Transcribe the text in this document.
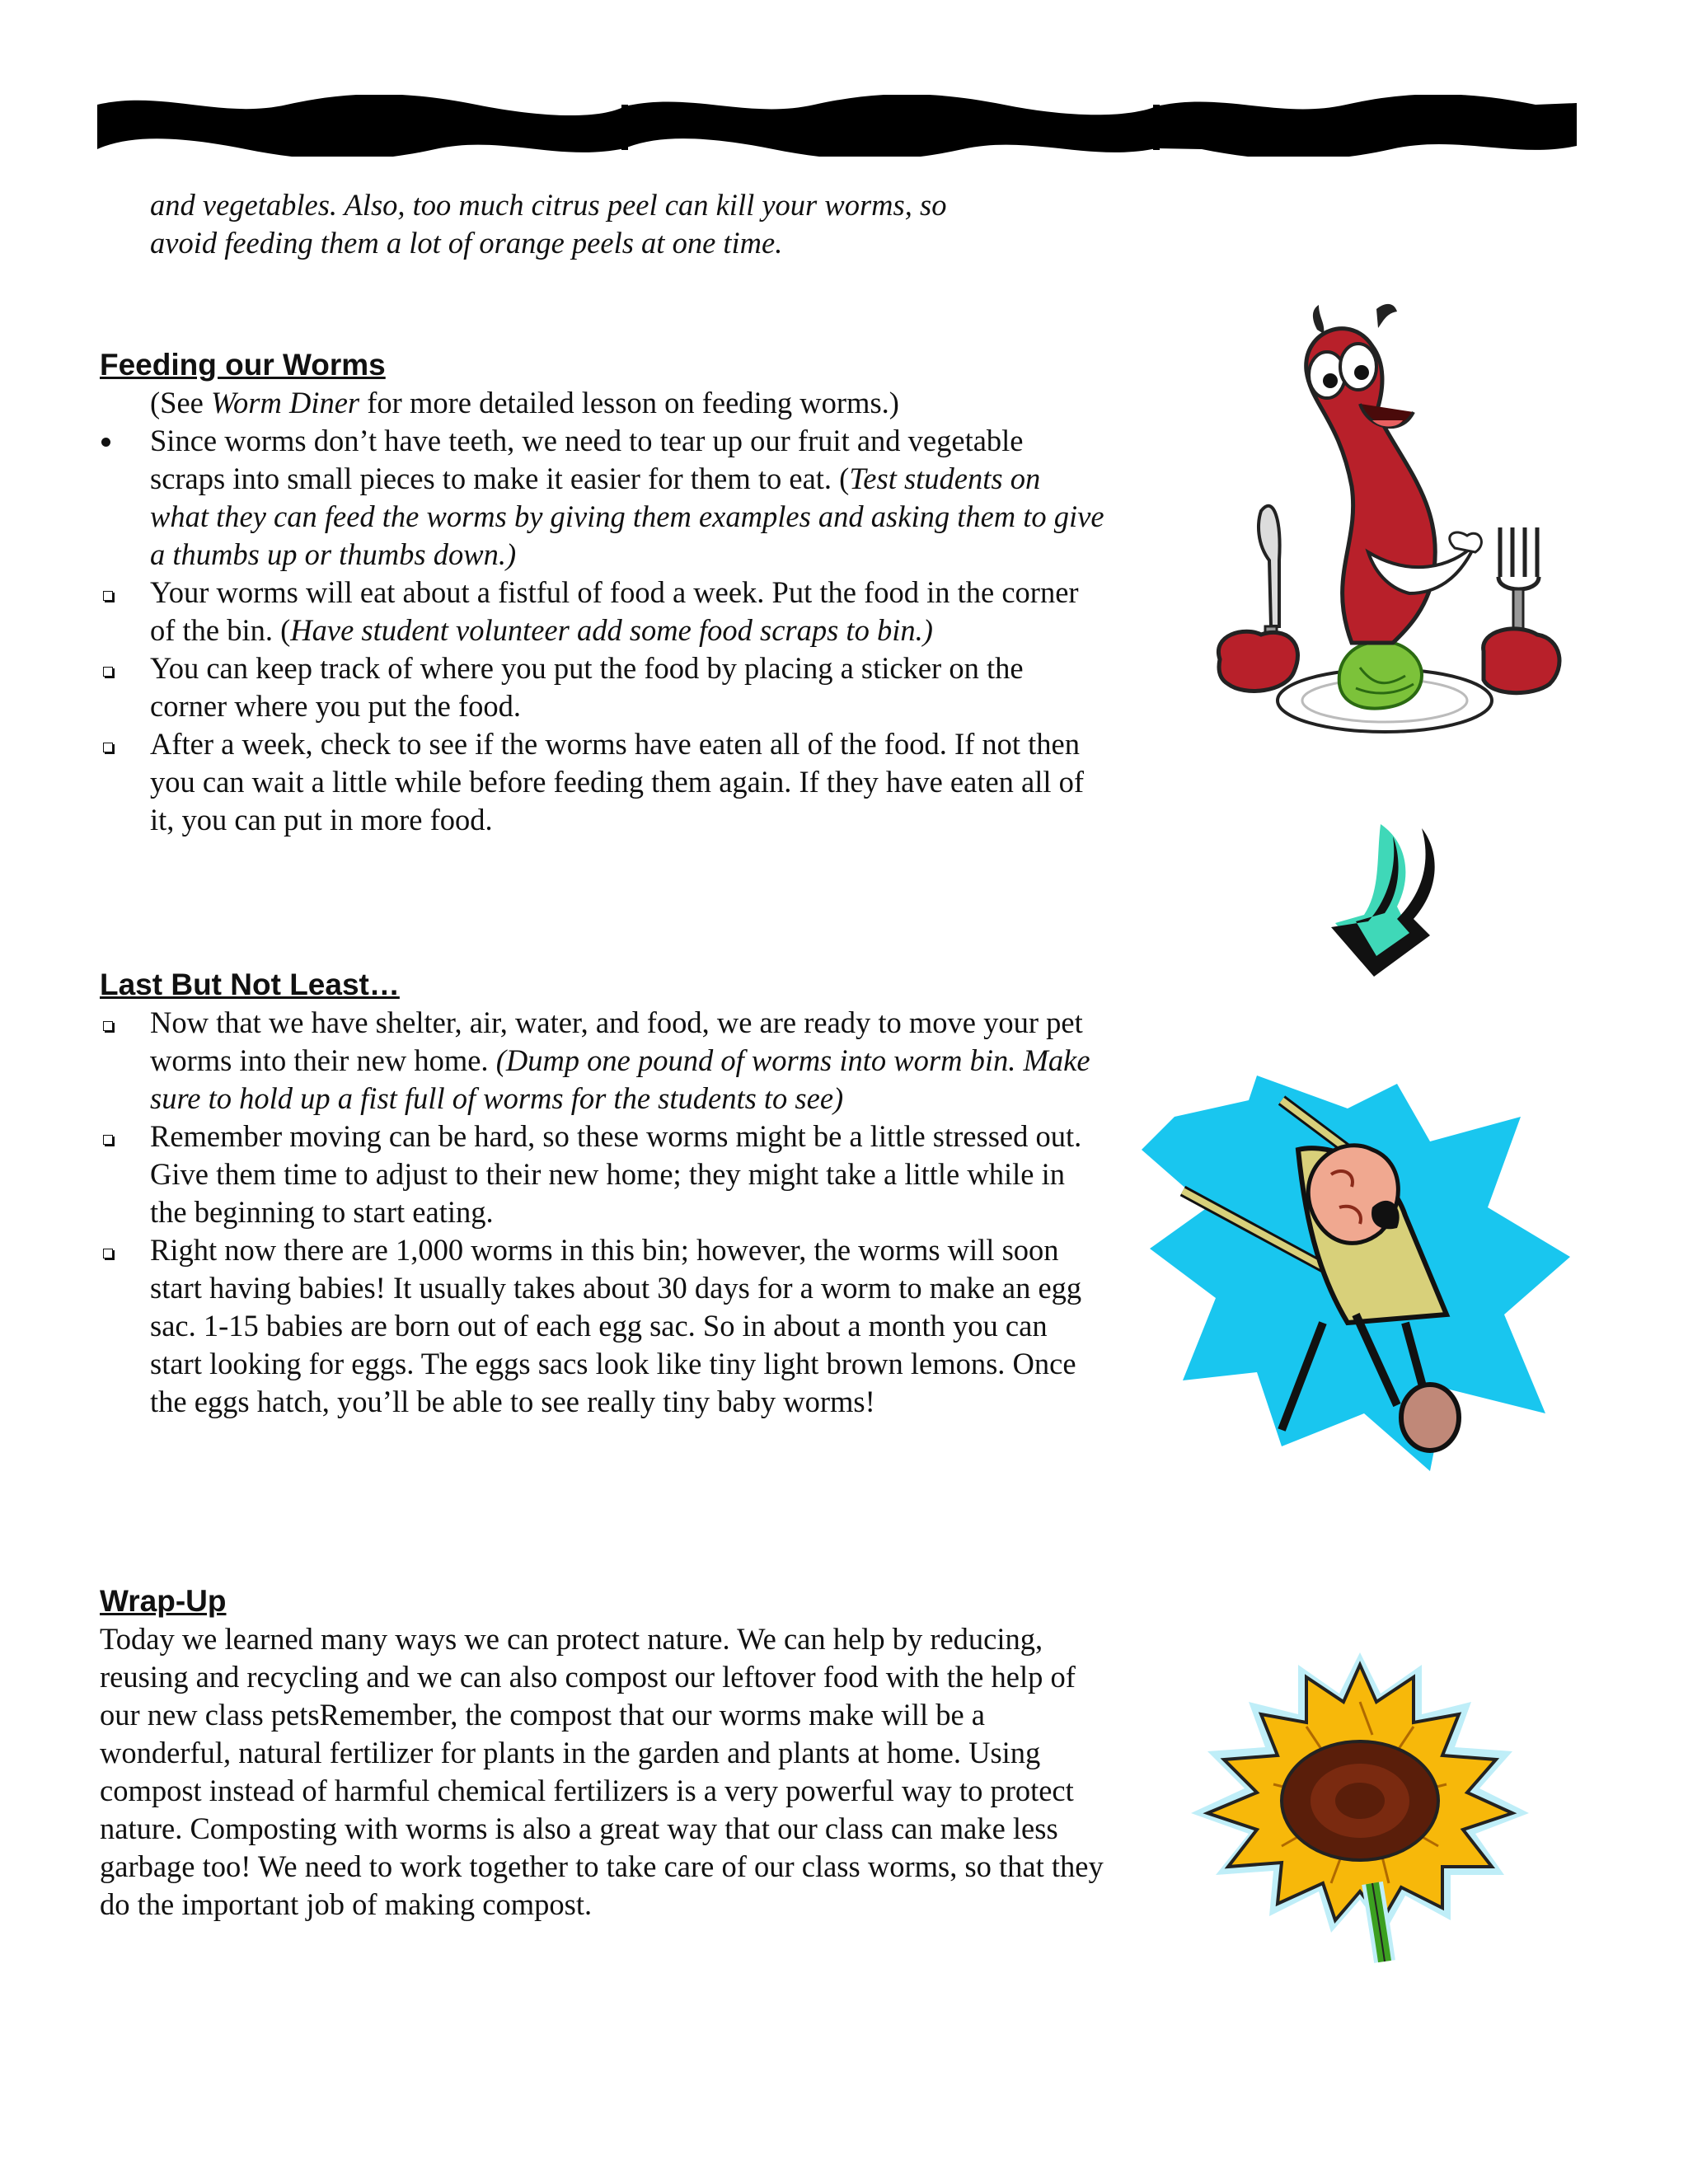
and vegetables. Also, too much citrus peel can kill your worms, so

avoid feeding them a lot of orange peels at one time.

Feeding our Worms

(See Worm Diner for more detailed lesson on feeding worms.)

Since worms don’t have teeth, we need to tear up our fruit and vegetable scraps into small pieces to make it easier for them to eat. (Test students on what they can feed the worms by giving them examples and asking them to give a thumbs up or thumbs down.)

Your worms will eat about a fistful of food a week. Put the food in the corner of the bin. (Have student volunteer add some food scraps to bin.)

You can keep track of where you put the food by placing a sticker on the corner where you put the food.

After a week, check to see if the worms have eaten all of the food. If not then you can wait a little while before feeding them again. If they have eaten all of it, you can put in more food.

Last But Not Least…

Now that we have shelter, air, water, and food, we are ready to move your pet worms into their new home. (Dump one pound of worms into worm bin. Make sure to hold up a fist full of worms for the students to see)

Remember moving can be hard, so these worms might be a little stressed out. Give them time to adjust to their new home; they might take a little while in the beginning to start eating.

Right now there are 1,000 worms in this bin; however, the worms will soon start having babies! It usually takes about 30 days for a worm to make an egg sac. 1-15 babies are born out of each egg sac. So in about a month you can start looking for eggs. The eggs sacs look like tiny light brown lemons. Once the eggs hatch, you’ll be able to see really tiny baby worms!

Wrap-Up

Today we learned many ways we can protect nature. We can help by reducing, reusing and recycling and we can also compost our leftover food with the help of our new class petsRemember, the compost that our worms make will be a wonderful, natural fertilizer for plants in the garden and plants at home. Using compost instead of harmful chemical fertilizers is a very powerful way to protect nature. Composting with worms is also a great way that our class can make less garbage too! We need to work together to take care of our class worms, so that they do the important job of making compost.
